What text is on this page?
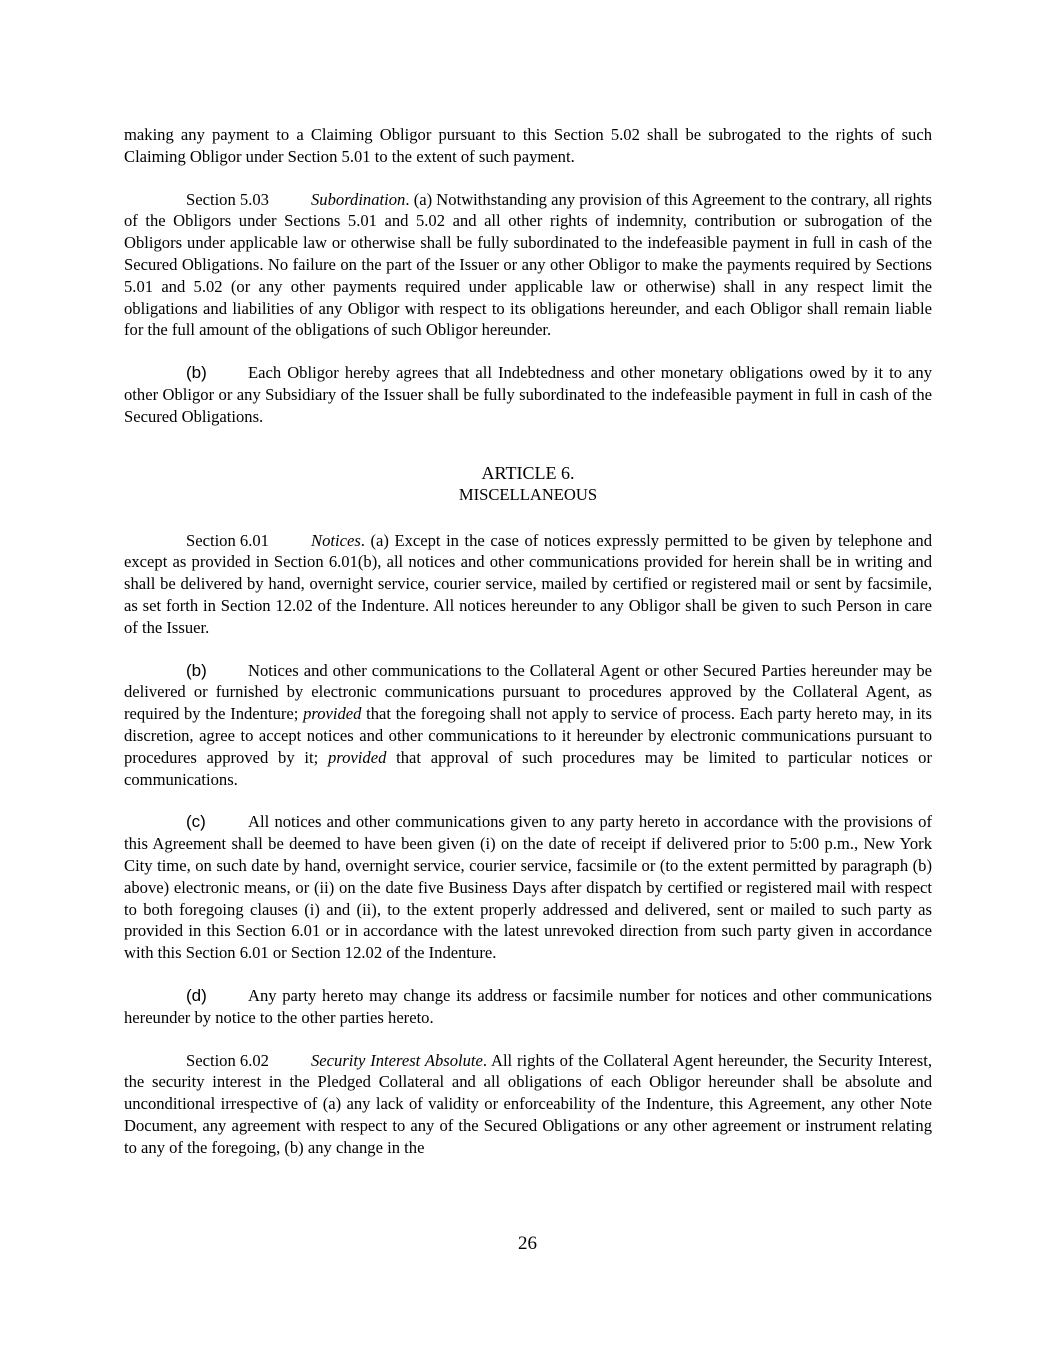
making any payment to a Claiming Obligor pursuant to this Section 5.02 shall be subrogated to the rights of such Claiming Obligor under Section 5.01 to the extent of such payment.

Section 5.03	Subordination. (a) Notwithstanding any provision of this Agreement to the contrary, all rights of the Obligors under Sections 5.01 and 5.02 and all other rights of indemnity, contribution or subrogation of the Obligors under applicable law or otherwise shall be fully subordinated to the indefeasible payment in full in cash of the Secured Obligations. No failure on the part of the Issuer or any other Obligor to make the payments required by Sections 5.01 and 5.02 (or any other payments required under applicable law or otherwise) shall in any respect limit the obligations and liabilities of any Obligor with respect to its obligations hereunder, and each Obligor shall remain liable for the full amount of the obligations of such Obligor hereunder.

(b) Each Obligor hereby agrees that all Indebtedness and other monetary obligations owed by it to any other Obligor or any Subsidiary of the Issuer shall be fully subordinated to the indefeasible payment in full in cash of the Secured Obligations.

ARTICLE 6.
MISCELLANEOUS

Section 6.01	Notices. (a) Except in the case of notices expressly permitted to be given by telephone and except as provided in Section 6.01(b), all notices and other communications provided for herein shall be in writing and shall be delivered by hand, overnight service, courier service, mailed by certified or registered mail or sent by facsimile, as set forth in Section 12.02 of the Indenture. All notices hereunder to any Obligor shall be given to such Person in care of the Issuer.

(b) Notices and other communications to the Collateral Agent or other Secured Parties hereunder may be delivered or furnished by electronic communications pursuant to procedures approved by the Collateral Agent, as required by the Indenture; provided that the foregoing shall not apply to service of process. Each party hereto may, in its discretion, agree to accept notices and other communications to it hereunder by electronic communications pursuant to procedures approved by it; provided that approval of such procedures may be limited to particular notices or communications.

(c)	All notices and other communications given to any party hereto in accordance with the provisions of this Agreement shall be deemed to have been given (i) on the date of receipt if delivered prior to 5:00 p.m., New York City time, on such date by hand, overnight service, courier service, facsimile or (to the extent permitted by paragraph (b) above) electronic means, or (ii) on the date five Business Days after dispatch by certified or registered mail with respect to both foregoing clauses (i) and (ii), to the extent properly addressed and delivered, sent or mailed to such party as provided in this Section 6.01 or in accordance with the latest unrevoked direction from such party given in accordance with this Section 6.01 or Section 12.02 of the Indenture.

(d) Any party hereto may change its address or facsimile number for notices and other communications hereunder by notice to the other parties hereto.

Section 6.02	Security Interest Absolute. All rights of the Collateral Agent hereunder, the Security Interest, the security interest in the Pledged Collateral and all obligations of each Obligor hereunder shall be absolute and unconditional irrespective of (a) any lack of validity or enforceability of the Indenture, this Agreement, any other Note Document, any agreement with respect to any of the Secured Obligations or any other agreement or instrument relating to any of the foregoing, (b) any change in the

26
